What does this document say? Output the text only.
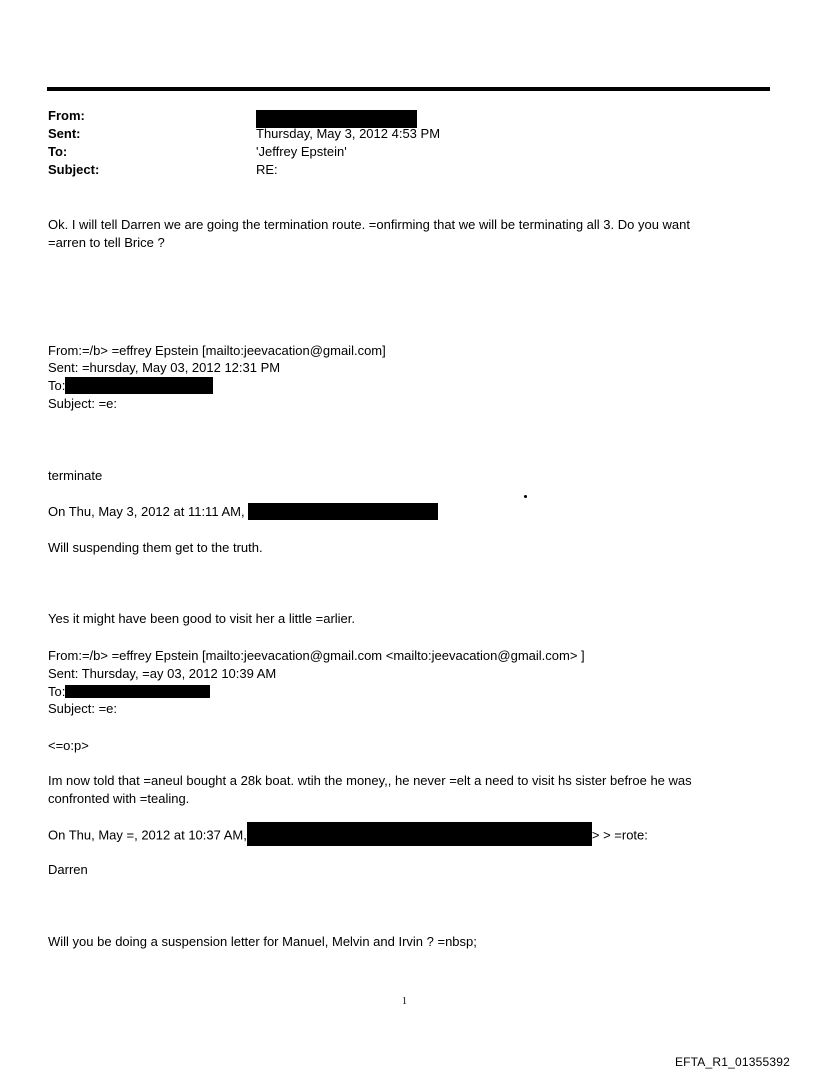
From:
Sent:	Thursday, May 3, 2012 4:53 PM
To:	'Jeffrey Epstein'
Subject:	RE:
Ok. I will tell Darren we are going the termination route. =onfirming that we will be terminating all 3. Do you want
=arren to tell Brice ?
From:=/b> =effrey Epstein [mailto:jeevacation@gmail.com]
Sent: =hursday, May 03, 2012 12:31 PM
To:
Subject: =e:
terminate
On Thu, May 3, 2012 at 11:11 AM,
Will suspending them get to the truth.
Yes it might have been good to visit her a little =arlier.
From:=/b> =effrey Epstein [mailto:jeevacation@gmail.com <mailto:jeevacation@gmail.com> ]
Sent: Thursday, =ay 03, 2012 10:39 AM
To:
Subject: =e:
<=o:p>
Im now told that =aneul bought a 28k boat. wtih the money,, he never =elt a need to visit hs sister befroe he was
confronted with =tealing.
On Thu, May =, 2012 at 10:37 AM,	> > =rote:
Darren
Will you be doing a suspension letter for Manuel, Melvin and Irvin ? =nbsp;
1
EFTA_R1_01355392
